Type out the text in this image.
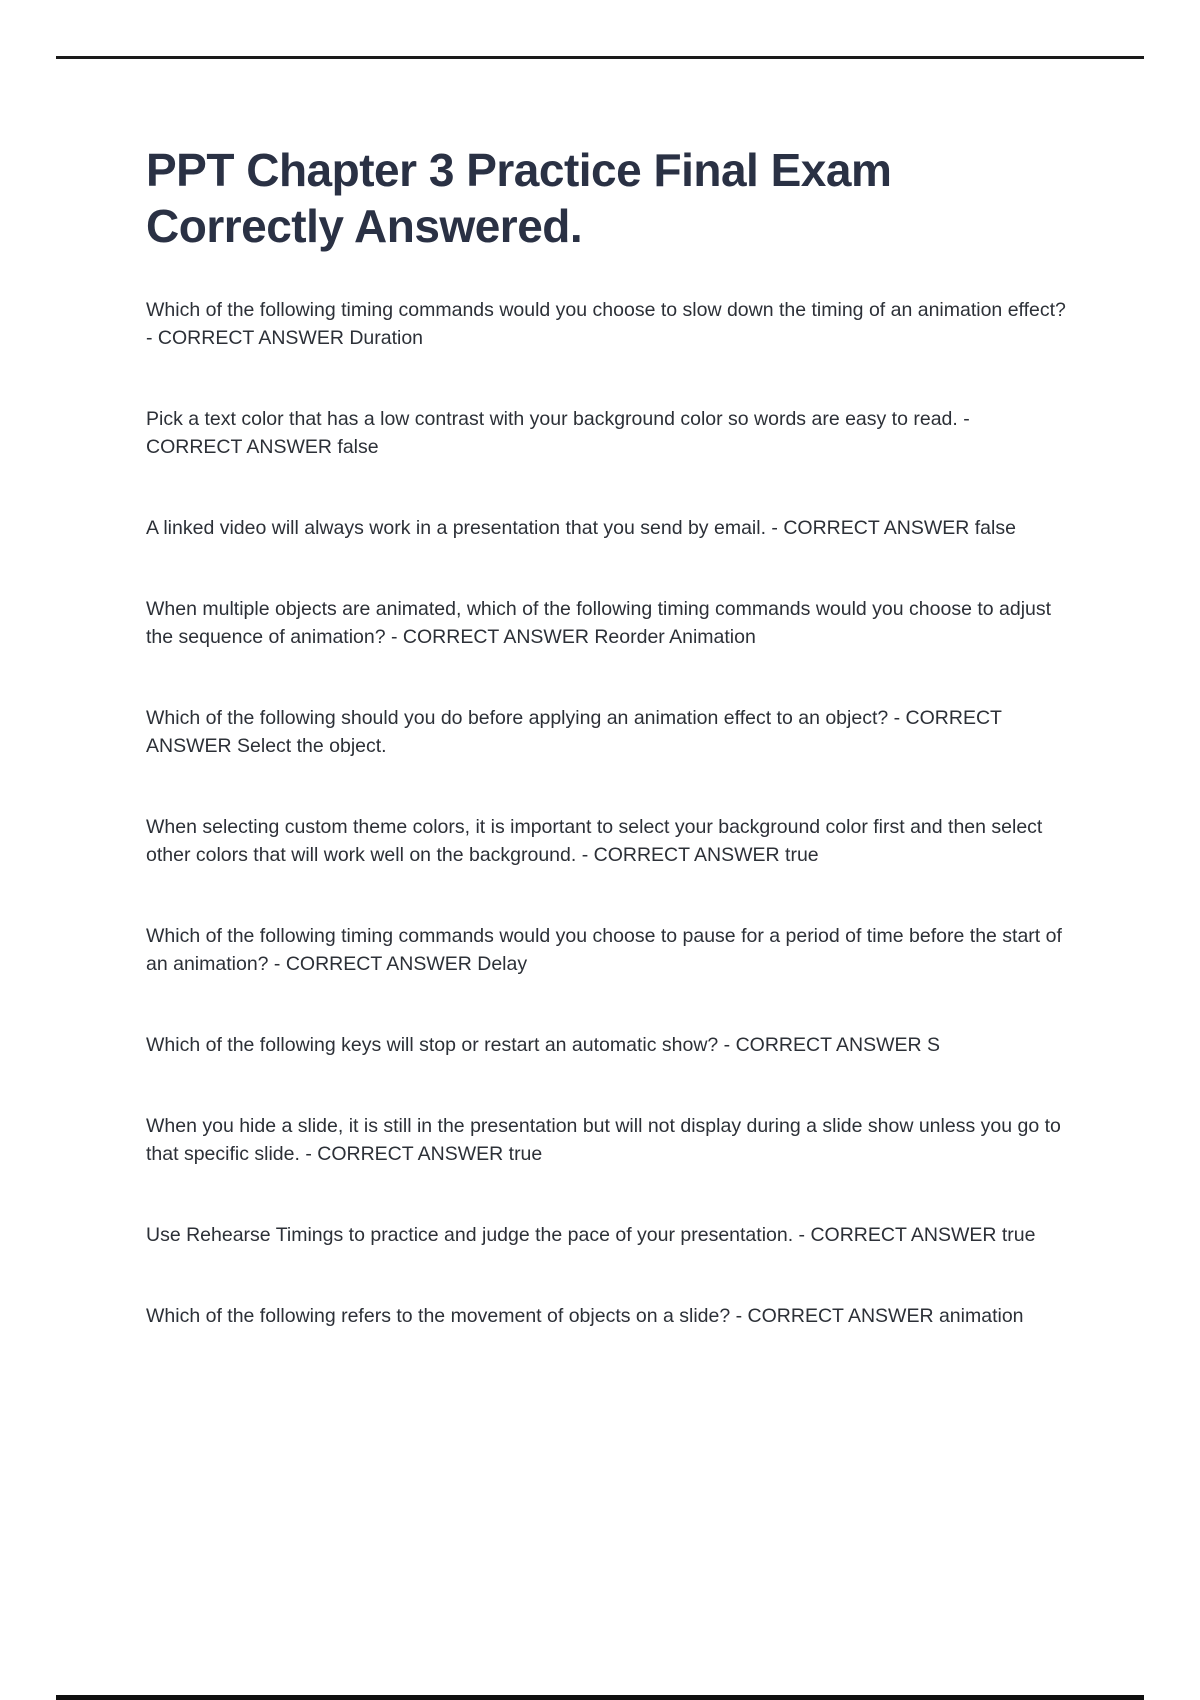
PPT Chapter 3 Practice Final Exam Correctly Answered.

Which of the following timing commands would you choose to slow down the timing of an animation effect? - CORRECT ANSWER Duration

Pick a text color that has a low contrast with your background color so words are easy to read. - CORRECT ANSWER false

A linked video will always work in a presentation that you send by email. - CORRECT ANSWER false

When multiple objects are animated, which of the following timing commands would you choose to adjust the sequence of animation? - CORRECT ANSWER Reorder Animation

Which of the following should you do before applying an animation effect to an object? - CORRECT ANSWER Select the object.

When selecting custom theme colors, it is important to select your background color first and then select other colors that will work well on the background. - CORRECT ANSWER true

Which of the following timing commands would you choose to pause for a period of time before the start of an animation? - CORRECT ANSWER Delay

Which of the following keys will stop or restart an automatic show? - CORRECT ANSWER S

When you hide a slide, it is still in the presentation but will not display during a slide show unless you go to that specific slide. - CORRECT ANSWER true

Use Rehearse Timings to practice and judge the pace of your presentation. - CORRECT ANSWER true

Which of the following refers to the movement of objects on a slide? - CORRECT ANSWER animation
